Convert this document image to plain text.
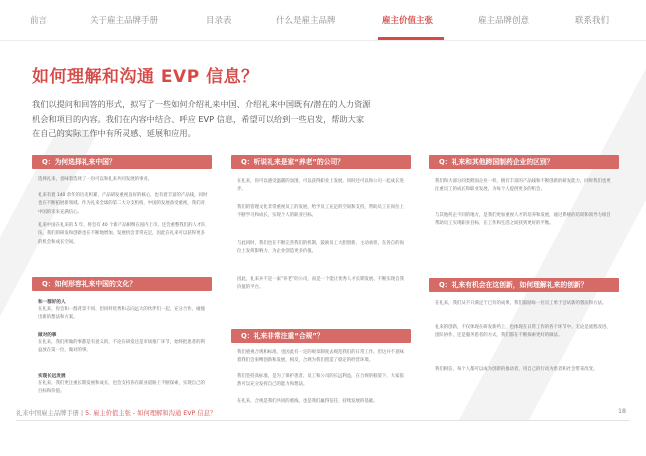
前言	关于雇主品牌手册	目录表	什么是雇主品牌	雇主价值主张	雇主品牌创意	联系我们
如何理解和沟通 EVP 信息？
我们以提问和回答的形式，拟写了一些如何介绍礼来中国、介绍礼来中国既有/潜在的人力资源机会和项目的内容。我们在内容中结合、呼应 EVP 信息，希望可以给到一些启发，帮助大家在自己的实际工作中有所灵感、延展和应用。
Q：为何选择礼来中国？
选择礼来，意味着选择了一份可以和礼来共同发展的事业。
礼来有着 140 余年的历史积累，产品研发重视良好的核心，也有着丰富的产品线，同时也在不断拓展新领域。作为礼来全球的第二大分支机构，中国的发展备受重视，我们对中国的未来充满信心。
礼来中国在礼来的 5 年、将会有 40 个新产品相继在国内上市。还会重整我们的人才队伍，我们的研发和创新也在不断地增加，发展机会非常充足，因此在礼来可以获得更多的机会和成长空间。
Q：如何形容礼来中国的文化？
和一群好的人
在礼来，你会和一群背景不同、但同样优秀和志向远大的伙伴们一起，充分合作、碰撞出新的想法和方案。
做对的事
在礼来，我们所做的事都是有意义的，不论在研发还是市场推广环节，始终把患者的利益放在第一位，做对的事。
实现长远发展
在礼来，我们更注重长期发展和成长，也会支持你在职业道路上不断探索，实现自己的目标和价值。
Q：听说礼来是家“养老”的公司？
在礼来，你可以感受温暖的氛围，可以获得职业上发展，同时还可以和公司一起成长进步。
我们的管理文化非常重视员工的发展，给予员工充足的空间和支持，帮助员工在岗位上不断学习和成长，实现个人的职业目标。
与此同时，我们也在不断完善我们的机制，鼓励员工大胆创新、主动承担，在各自的岗位上发挥影响力，为企业创造更多价值。
因此，礼来并不是一家“养老”的公司，而是一个能让优秀人才长期发展、不断实现自我价值的平台。
Q：礼来非常注重“合规”？
我们重视合规和标准，也因此有一定的规章制度去规范我们的日常工作。但这并不意味着我们会束缚创新和发展，相反，合规为我们创造了稳定的经营环境。
我们坚持高标准，是为了保护患者、员工和公司的长远利益，在合规的框架下，大家依然可以充分发挥自己的能力和想法。
在礼来，合规是我们共同的底线，也是我们赢得信任、持续发展的基础。
Q：礼来和其他跨国制药企业的区别？
我们和大部分同类跨国企业一样，拥有丰富的产品线和不断创新的研发能力，同时我们也更注重员工的成长和职业发展，为每个人提供更多的机会。
与其他药企不同的地方，是我们更加重视人才的培养和发展，通过系统的培训和领导力项目帮助员工实现职业目标，在工作和生活之间找到更好的平衡。
Q：礼来有机会在这创新，如何理解礼来的创新？
在礼来，我们从不只满足于已有的成果，我们鼓励每一位员工勇于尝试新的想法和方法。
礼来的创新，不仅体现在研发新药上，也体现在日常工作的各个环节中。无论是流程改进、团队协作，还是服务患者的方式，我们都在不断探索更好的做法。
我们相信，每个人都可以成为创新的推动者，用自己的行动为患者和社会带来改变。
礼来中国雇主品牌手册 | 5. 雇主价值主张 - 如何理解和沟通 EVP 信息？	18
